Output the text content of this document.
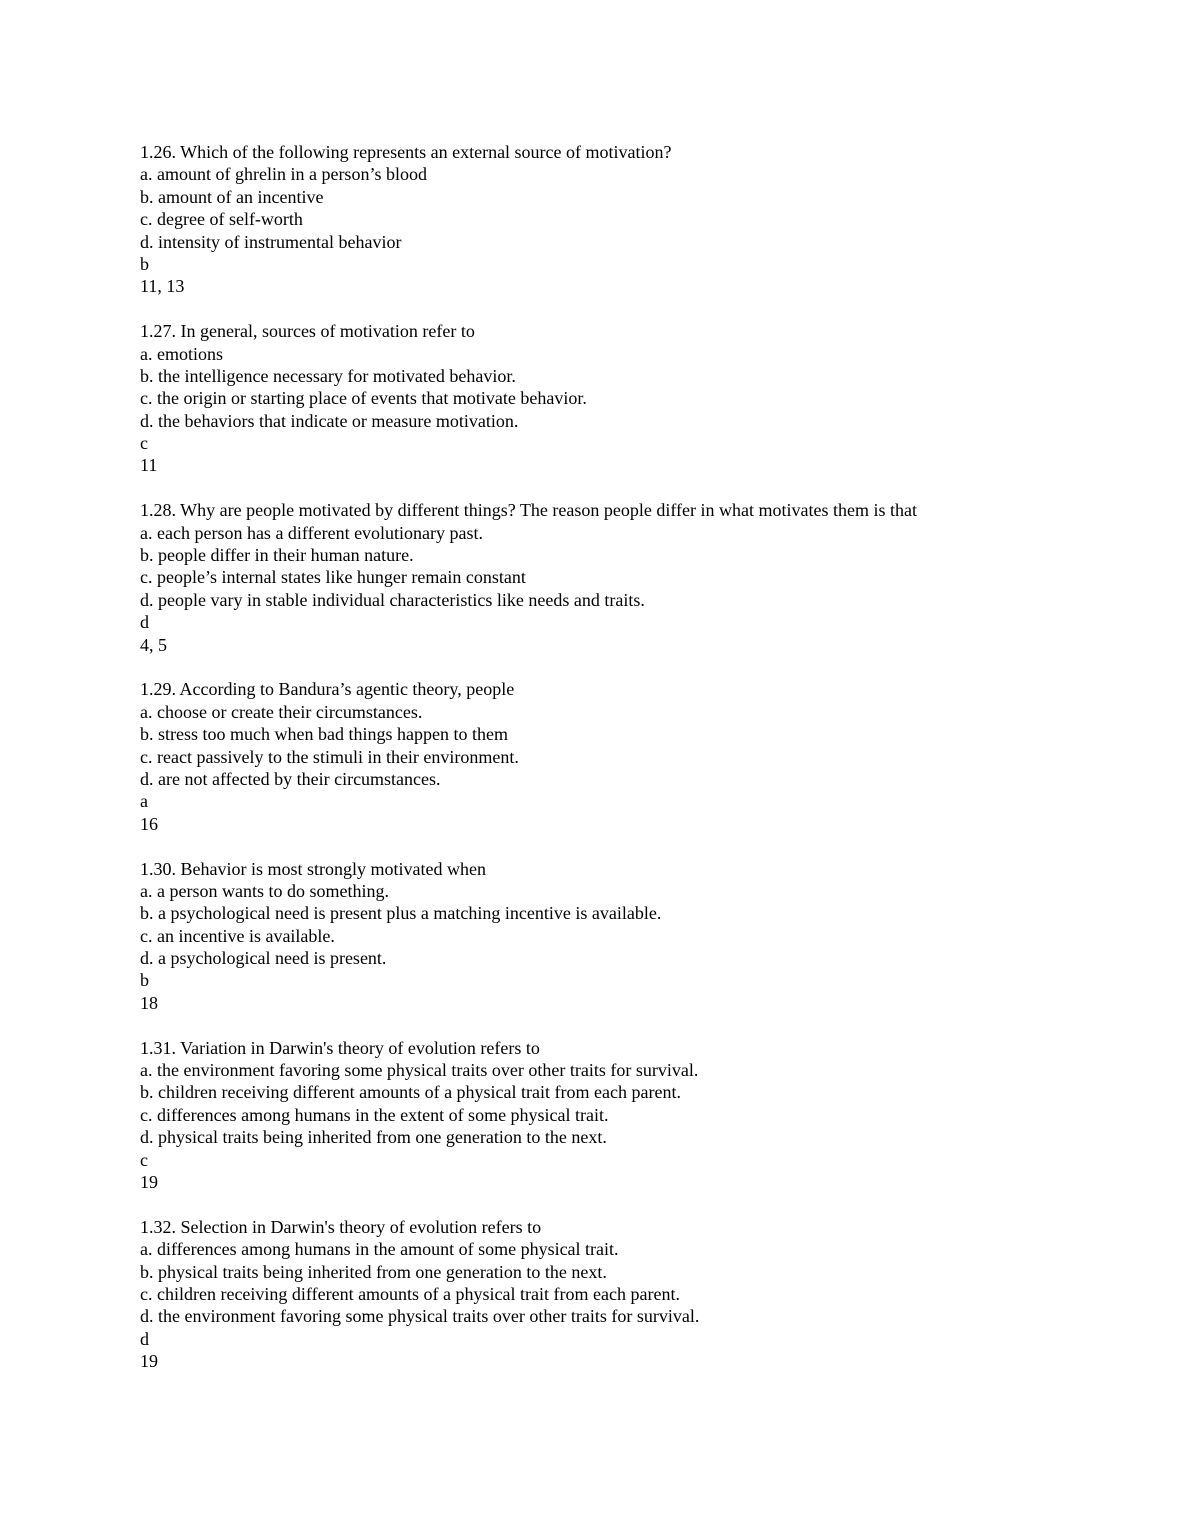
1.26. Which of the following represents an external source of motivation?
a. amount of ghrelin in a person’s blood
b. amount of an incentive
c. degree of self-worth
d. intensity of instrumental behavior
b
11, 13
1.27. In general, sources of motivation refer to
a. emotions
b. the intelligence necessary for motivated behavior.
c. the origin or starting place of events that motivate behavior.
d. the behaviors that indicate or measure motivation.
c
11
1.28. Why are people motivated by different things? The reason people differ in what motivates them is that
a. each person has a different evolutionary past.
b. people differ in their human nature.
c. people’s internal states like hunger remain constant
d. people vary in stable individual characteristics like needs and traits.
d
4, 5
1.29. According to Bandura’s agentic theory, people
a. choose or create their circumstances.
b. stress too much when bad things happen to them
c. react passively to the stimuli in their environment.
d. are not affected by their circumstances.
a
16
1.30. Behavior is most strongly motivated when
a. a person wants to do something.
b. a psychological need is present plus a matching incentive is available.
c. an incentive is available.
d. a psychological need is present.
b
18
1.31. Variation in Darwin's theory of evolution refers to
a. the environment favoring some physical traits over other traits for survival.
b. children receiving different amounts of a physical trait from each parent.
c. differences among humans in the extent of some physical trait.
d. physical traits being inherited from one generation to the next.
c
19
1.32. Selection in Darwin's theory of evolution refers to
a. differences among humans in the amount of some physical trait.
b. physical traits being inherited from one generation to the next.
c. children receiving different amounts of a physical trait from each parent.
d. the environment favoring some physical traits over other traits for survival.
d
19
